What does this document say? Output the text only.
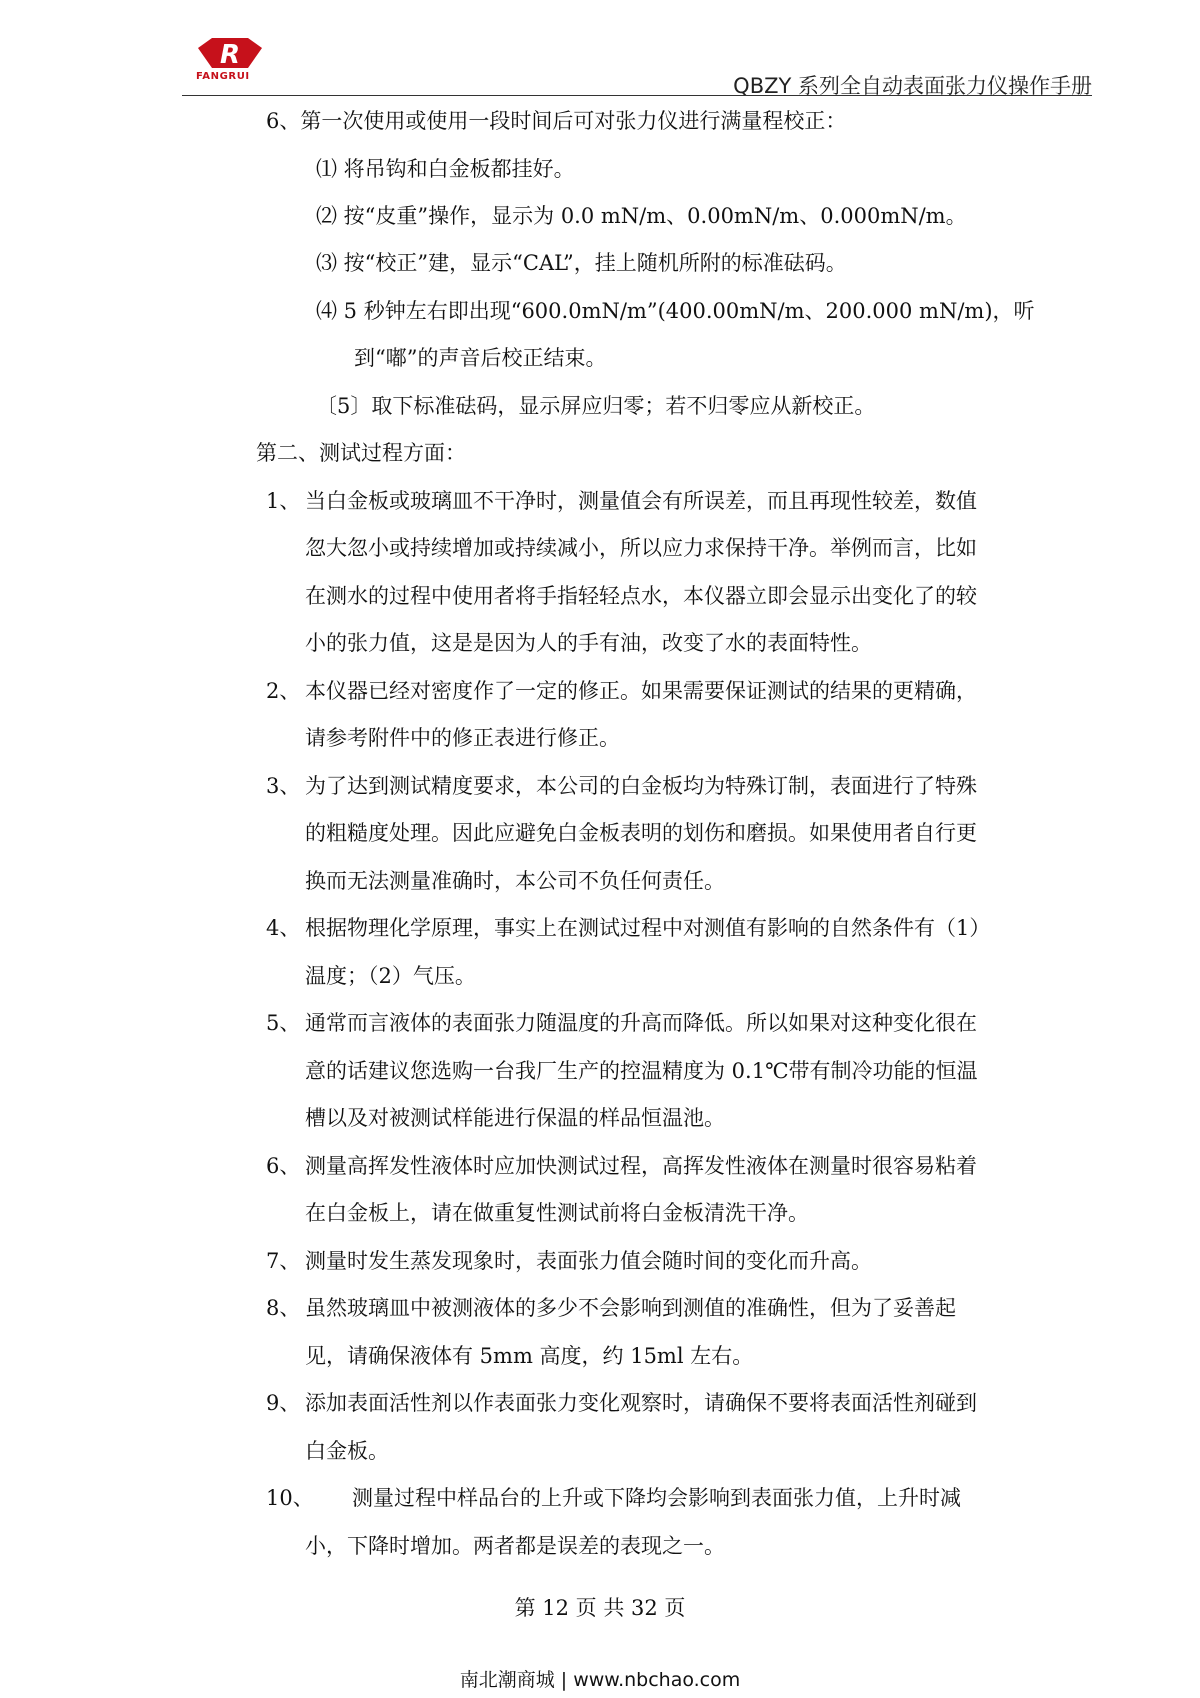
R
FANGRUI	QBZY 系列全自动表面张力仪操作手册
6、第一次使用或使用一段时间后可对张力仪进行满量程校正：
⑴ 将吊钩和白金板都挂好。
⑵ 按“皮重”操作，显示为 0.0 mN/m、0.00mN/m、0.000mN/m。
⑶ 按“校正”建，显示“CAL”，挂上随机所附的标准砝码。
⑷ 5 秒钟左右即出现“600.0mN/m”(400.00mN/m、200.000 mN/m)，听
到“嘟”的声音后校正结束。
〔5〕取下标准砝码，显示屏应归零；若不归零应从新校正。
第二、测试过程方面：
1、 当白金板或玻璃皿不干净时，测量值会有所误差，而且再现性较差，数值
忽大忽小或持续增加或持续减小，所以应力求保持干净。举例而言，比如
在测水的过程中使用者将手指轻轻点水，本仪器立即会显示出变化了的较
小的张力值，这是是因为人的手有油，改变了水的表面特性。
2、 本仪器已经对密度作了一定的修正。如果需要保证测试的结果的更精确，
请参考附件中的修正表进行修正。
3、 为了达到测试精度要求，本公司的白金板均为特殊订制，表面进行了特殊
的粗糙度处理。因此应避免白金板表明的划伤和磨损。如果使用者自行更
换而无法测量准确时，本公司不负任何责任。
4、 根据物理化学原理，事实上在测试过程中对测值有影响的自然条件有（1）
温度；（2）气压。
5、 通常而言液体的表面张力随温度的升高而降低。所以如果对这种变化很在
意的话建议您选购一台我厂生产的控温精度为 0.1℃带有制冷功能的恒温
槽以及对被测试样能进行保温的样品恒温池。
6、 测量高挥发性液体时应加快测试过程，高挥发性液体在测量时很容易粘着
在白金板上，请在做重复性测试前将白金板清洗干净。
7、 测量时发生蒸发现象时，表面张力值会随时间的变化而升高。
8、 虽然玻璃皿中被测液体的多少不会影响到测值的准确性，但为了妥善起
见，请确保液体有 5mm 高度，约 15ml 左右。
9、 添加表面活性剂以作表面张力变化观察时，请确保不要将表面活性剂碰到
白金板。
10、 　测量过程中样品台的上升或下降均会影响到表面张力值，上升时减
小，下降时增加。两者都是误差的表现之一。
第 12 页 共 32 页
南北潮商城 | www.nbchao.com
